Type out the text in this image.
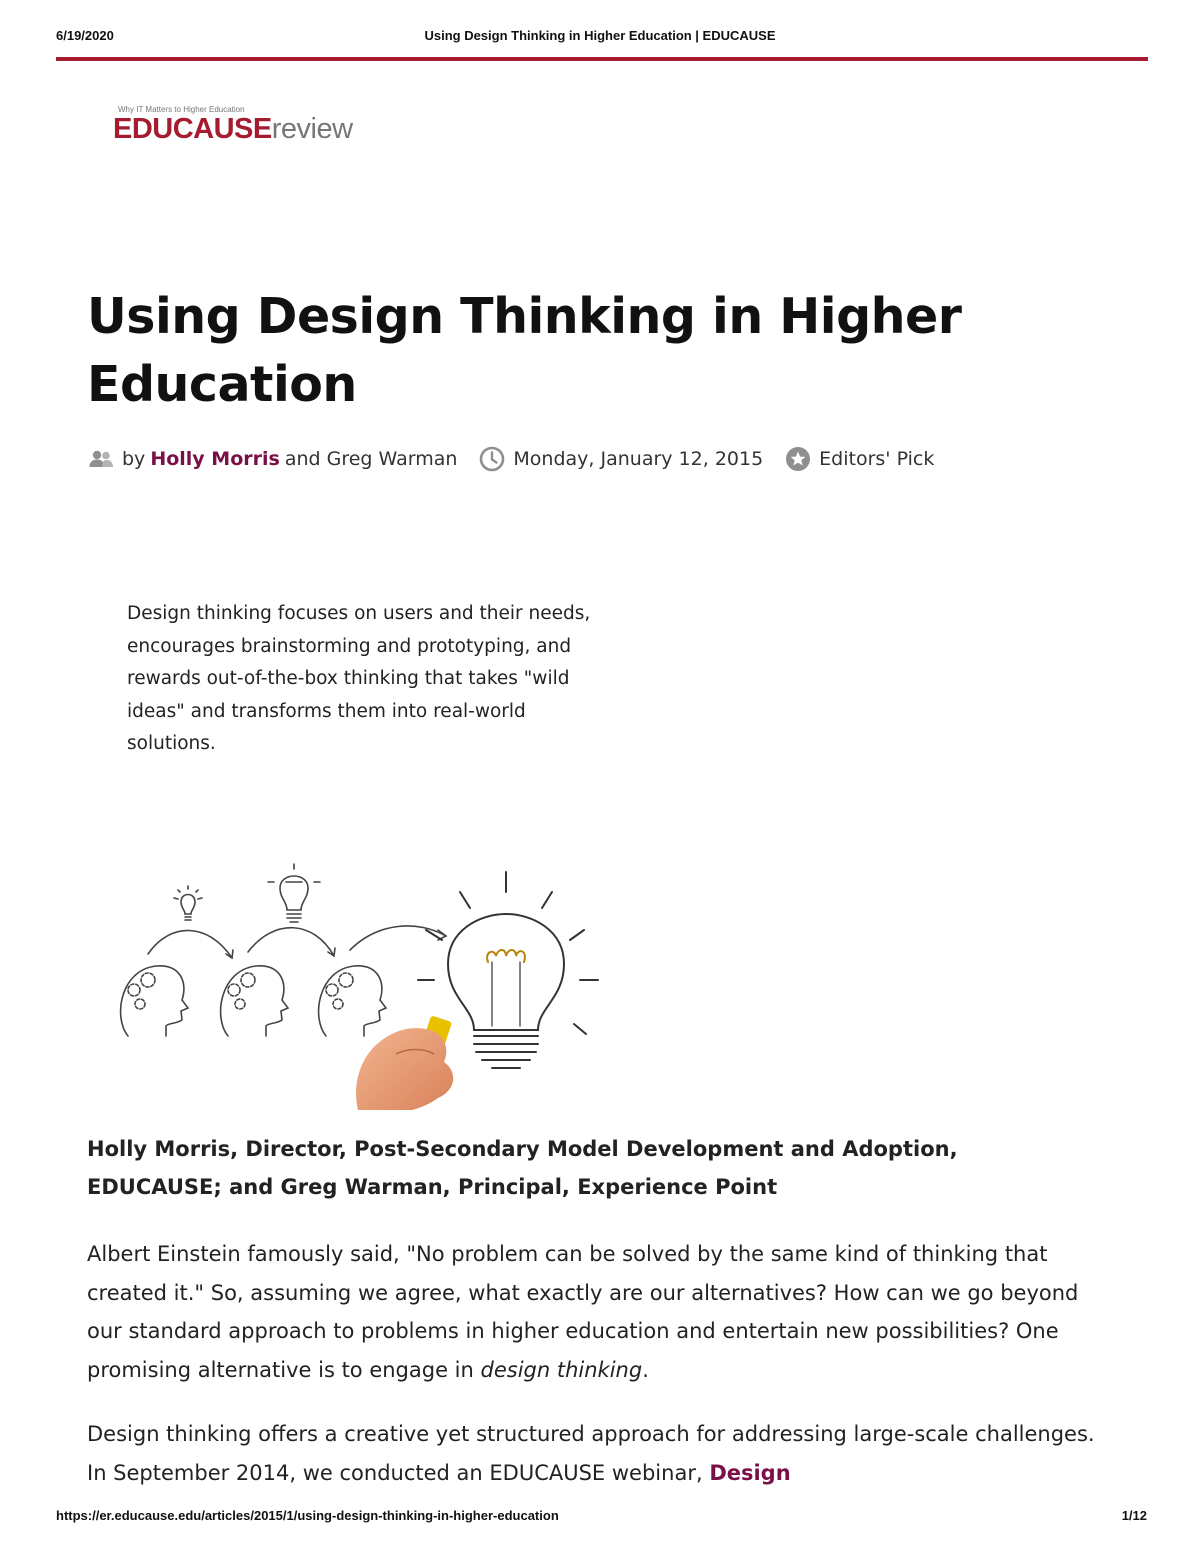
6/19/2020	Using Design Thinking in Higher Education | EDUCAUSE
Why IT Matters to Higher Education
EDUCAUSEreview
Using Design Thinking in Higher Education
by Holly Morris and Greg Warman	Monday, January 12, 2015	Editors' Pick

Design thinking focuses on users and their needs, encourages brainstorming and prototyping, and rewards out-of-the-box thinking that takes "wild ideas" and transforms them into real-world solutions.

Holly Morris, Director, Post-Secondary Model Development and Adoption, EDUCAUSE; and Greg Warman, Principal, Experience Point

Albert Einstein famously said, "No problem can be solved by the same kind of thinking that created it." So, assuming we agree, what exactly are our alternatives? How can we go beyond our standard approach to problems in higher education and entertain new possibilities? One promising alternative is to engage in design thinking.

Design thinking offers a creative yet structured approach for addressing large-scale challenges. In September 2014, we conducted an EDUCAUSE webinar, Design

https://er.educause.edu/articles/2015/1/using-design-thinking-in-higher-education	1/12
